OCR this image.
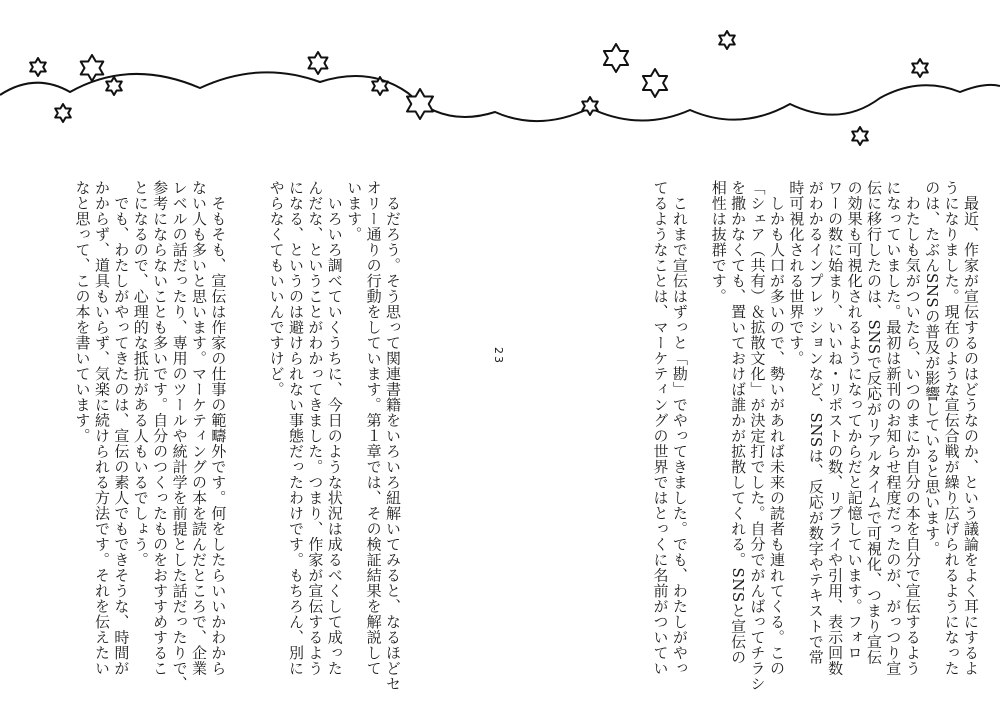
　最近、作家が宣伝するのはどうなのか、という議論をよく耳にするよ

うになりました。現在のような宣伝合戦が繰り広げられるようになった

のは、たぶんSNSの普及が影響していると思います。

　わたしも気がついたら、いつのまにか自分の本を自分で宣伝するよう

になっていました。最初は新刊のお知らせ程度だったのが、がっつり宣

伝に移行したのは、SNSで反応がリアルタイムで可視化、つまり宣伝

の効果も可視化されるようになってからだと記憶しています。フォロ

ワーの数に始まり、いいね・リポストの数、リプライや引用、表示回数

がわかるインプレッションなど、SNSは、反応が数字やテキストで常

時可視化される世界です。

　しかも人口が多いので、勢いがあれば未来の読者も連れてくる。この

「シェア（共有）＆拡散文化」が決定打でした。自分でがんばってチラシ

を撒かなくても、置いておけば誰かが拡散してくれる。SNSと宣伝の

相性は抜群です。

　これまで宣伝はずっと「勘」でやってきました。でも、わたしがやっ

てるようなことは、マーケティングの世界ではとっくに名前がついてい

　るだろう。そう思って関連書籍をいろいろ紐解いてみると、なるほどセ

オリー通りの行動をしています。第１章では、その検証結果を解説して

います。

　いろいろ調べていくうちに、今日のような状況は成るべくして成った

んだな、ということがわかってきました。つまり、作家が宣伝するよう

になる、というのは避けられない事態だったわけです。もちろん、別に

やらなくてもいいんですけど。

　そもそも、宣伝は作家の仕事の範疇外です。何をしたらいいかわから

ない人も多いと思います。マーケティングの本を読んだところで、企業

レベルの話だったり、専用のツールや統計学を前提とした話だったりで、

参考にならないことも多いです。自分のつくったものをおすすめするこ

とになるので、心理的な抵抗がある人もいるでしょう。

　でも、わたしがやってきたのは、宣伝の素人でもできそうな、時間が

かからず、道具もいらず、気楽に続けられる方法です。それを伝えたい

なと思って、この本を書いています。	23
